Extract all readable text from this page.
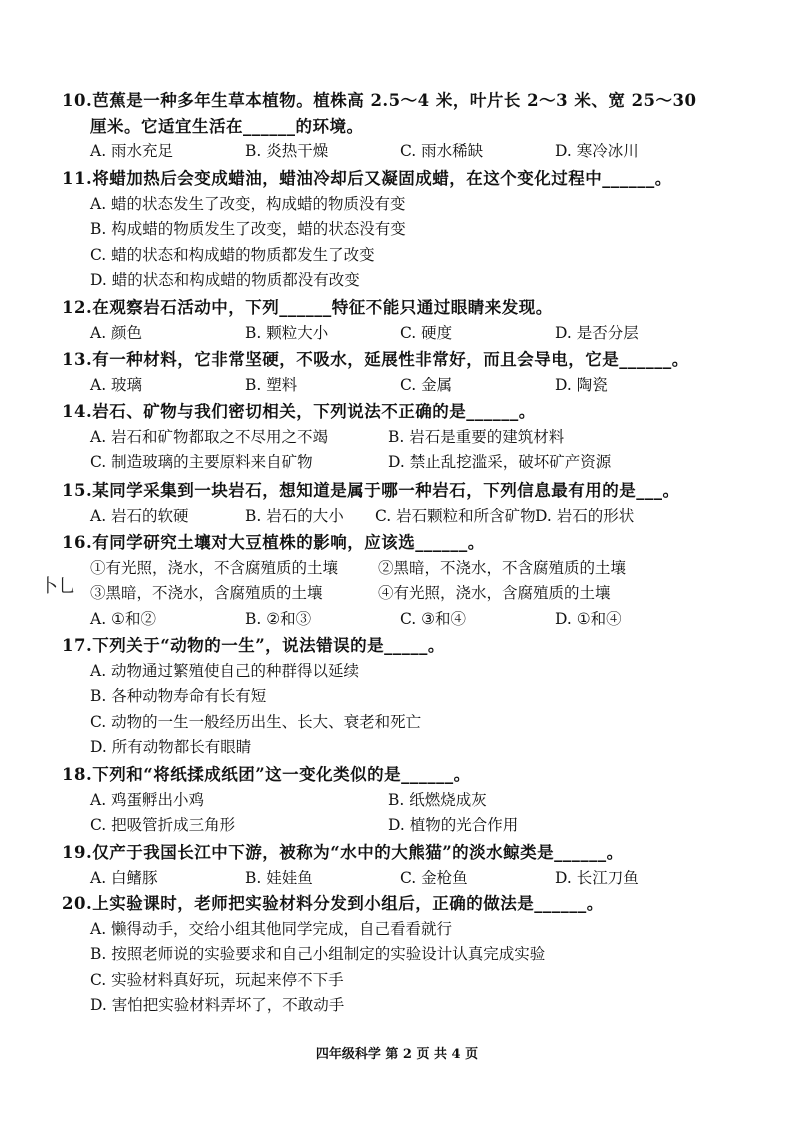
10.芭蕉是一种多年生草本植物。植株高 2.5～4 米，叶片长 2～3 米、宽 25～30

厘米。它适宜生活在______的环境。

A. 雨水充足	B. 炎热干燥	C. 雨水稀缺	D. 寒冷冰川

11.将蜡加热后会变成蜡油，蜡油冷却后又凝固成蜡，在这个变化过程中______。

A. 蜡的状态发生了改变，构成蜡的物质没有变
B. 构成蜡的物质发生了改变，蜡的状态没有变
C. 蜡的状态和构成蜡的物质都发生了改变
D. 蜡的状态和构成蜡的物质都没有改变

12.在观察岩石活动中，下列______特征不能只通过眼睛来发现。

A. 颜色	B. 颗粒大小	C. 硬度	D. 是否分层

13.有一种材料，它非常坚硬，不吸水，延展性非常好，而且会导电，它是______。

A. 玻璃	B. 塑料	C. 金属	D. 陶瓷

14.岩石、矿物与我们密切相关，下列说法不正确的是______。

A. 岩石和矿物都取之不尽用之不竭	B. 岩石是重要的建筑材料
C. 制造玻璃的主要原料来自矿物	D. 禁止乱挖滥采，破坏矿产资源

15.某同学采集到一块岩石，想知道是属于哪一种岩石，下列信息最有用的是___。

A. 岩石的软硬	B. 岩石的大小	C. 岩石颗粒和所含矿物 D. 岩石的形状

16.有同学研究土壤对大豆植株的影响，应该选______。

①有光照，浇水，不含腐殖质的土壤	②黑暗，不浇水，不含腐殖质的土壤
③黑暗，不浇水，含腐殖质的土壤	④有光照，浇水，含腐殖质的土壤
A. ①和②	B. ②和③	C. ③和④	D. ①和④

17.下列关于“动物的一生”，说法错误的是_____。

A. 动物通过繁殖使自己的种群得以延续
B. 各种动物寿命有长有短
C. 动物的一生一般经历出生、长大、衰老和死亡
D. 所有动物都长有眼睛

18.下列和“将纸揉成纸团”这一变化类似的是______。

A. 鸡蛋孵出小鸡	B. 纸燃烧成灰
C. 把吸管折成三角形	D. 植物的光合作用

19.仅产于我国长江中下游，被称为“水中的大熊猫”的淡水鲸类是______。

A. 白鳍豚	B. 娃娃鱼	C. 金枪鱼	D. 长江刀鱼

20.上实验课时，老师把实验材料分发到小组后，正确的做法是______。

A. 懒得动手，交给小组其他同学完成，自己看看就行
B. 按照老师说的实验要求和自己小组制定的实验设计认真完成实验
C. 实验材料真好玩，玩起来停不下手
D. 害怕把实验材料弄坏了，不敢动手
卜乚
四年级科学 第 2 页 共 4 页
